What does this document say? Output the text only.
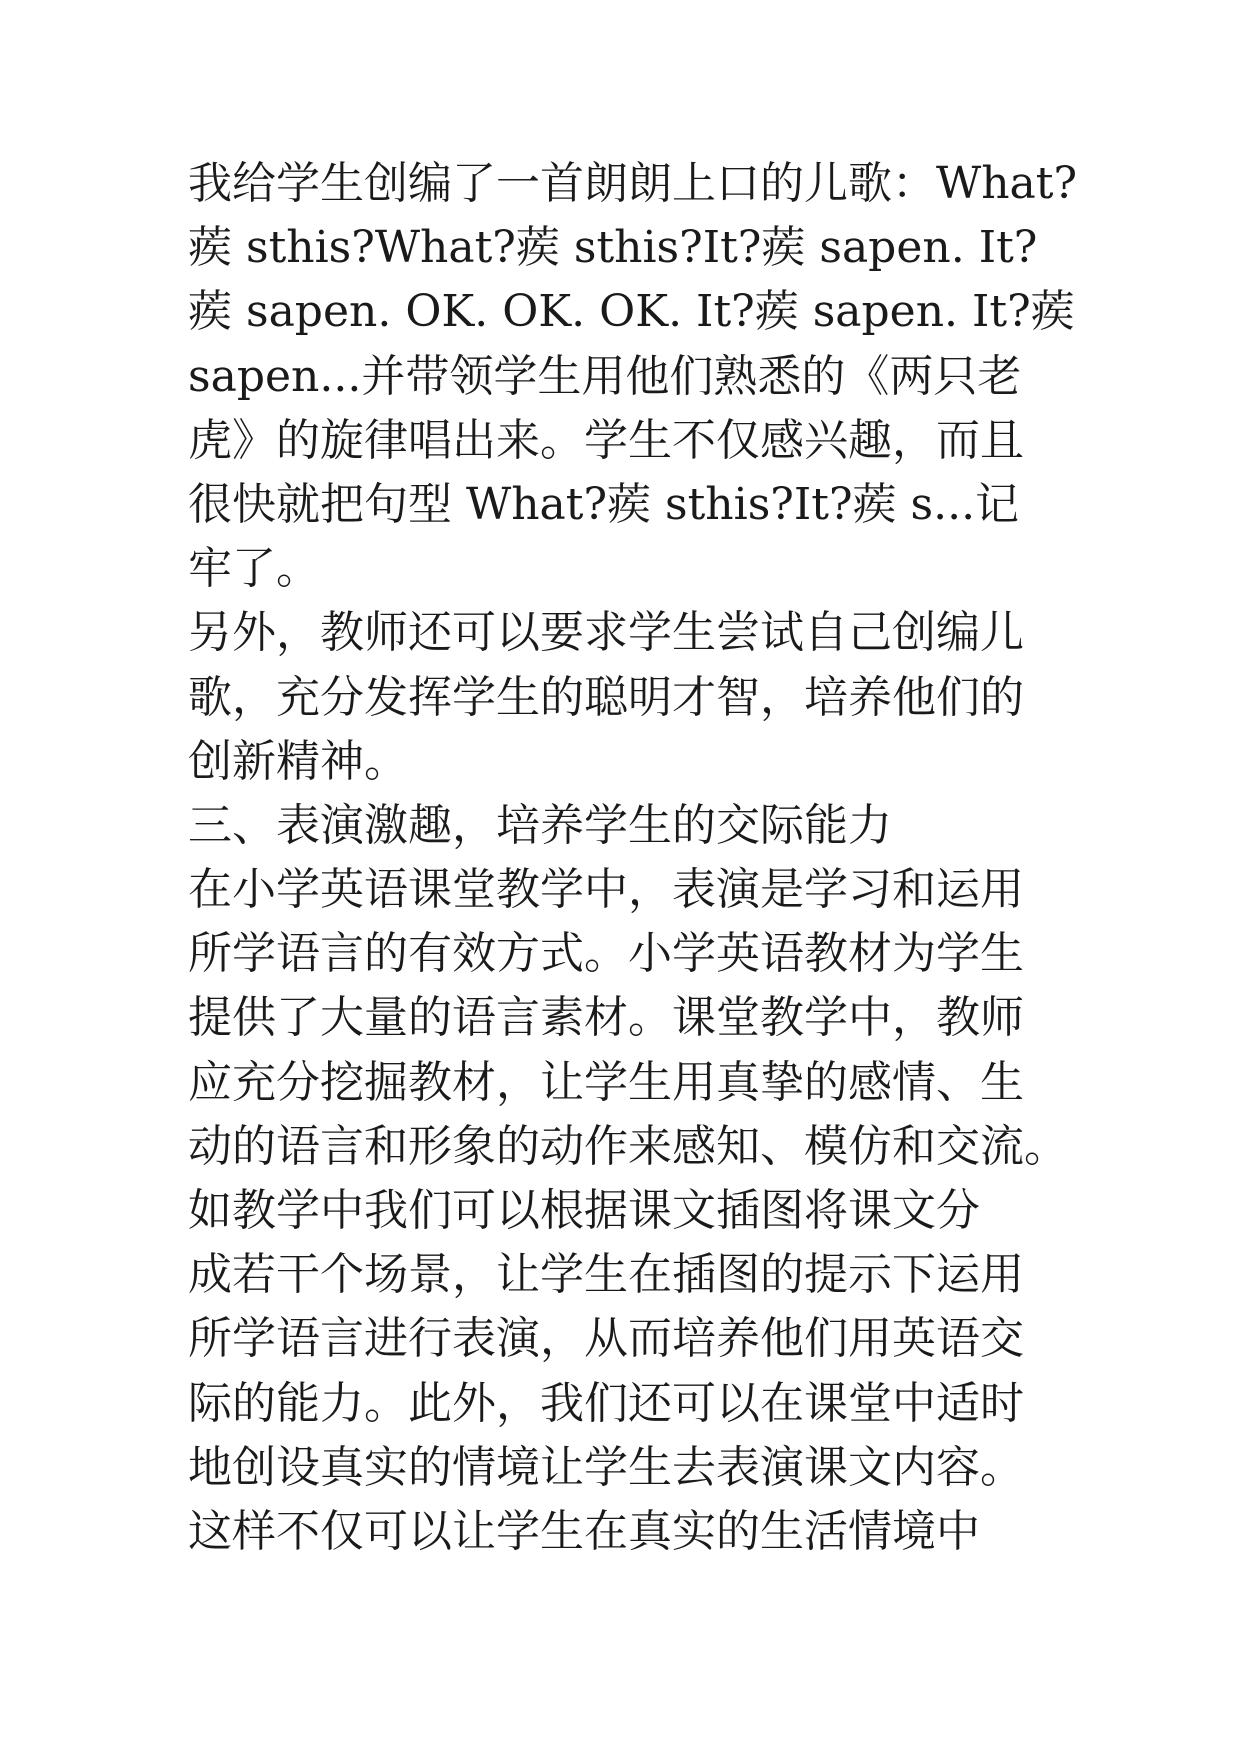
我给学生创编了一首朗朗上口的儿歌：What?
蒺 sthis?What?蒺 sthis?It?蒺 sapen. It?
蒺 sapen. OK. OK. OK. It?蒺 sapen. It?蒺
sapen...并带领学生用他们熟悉的《两只老
虎》的旋律唱出来。学生不仅感兴趣，而且
很快就把句型 What?蒺 sthis?It?蒺 s...记
牢了。
另外，教师还可以要求学生尝试自己创编儿
歌，充分发挥学生的聪明才智，培养他们的
创新精神。
三、表演激趣，培养学生的交际能力
在小学英语课堂教学中，表演是学习和运用
所学语言的有效方式。小学英语教材为学生
提供了大量的语言素材。课堂教学中，教师
应充分挖掘教材，让学生用真挚的感情、生
动的语言和形象的动作来感知、模仿和交流。
如教学中我们可以根据课文插图将课文分
成若干个场景，让学生在插图的提示下运用
所学语言进行表演，从而培养他们用英语交
际的能力。此外，我们还可以在课堂中适时
地创设真实的情境让学生去表演课文内容。
这样不仅可以让学生在真实的生活情境中
